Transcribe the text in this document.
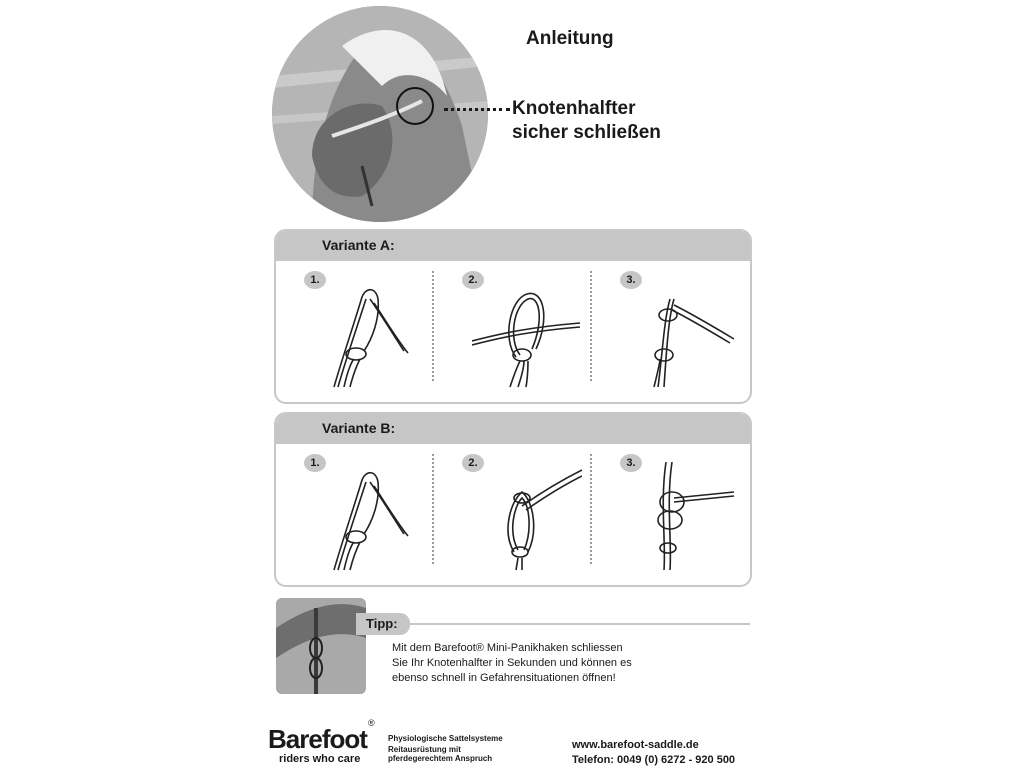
Anleitung
Knotenhalfter
sicher schließen
Variante A:
1.	2.	3.
Variante B:
1.	2.	3.
Tipp:
Mit dem Barefoot® Mini-Panikhaken schliessen
Sie Ihr Knotenhalfter in Sekunden und können es
ebenso schnell in Gefahrensituationen öffnen!
Barefoot
®
riders who care
Physiologische Sattelsysteme
Reitausrüstung mit
pferdegerechtem Anspruch
www.barefoot-saddle.de
Telefon: 0049 (0) 6272 - 920 500
